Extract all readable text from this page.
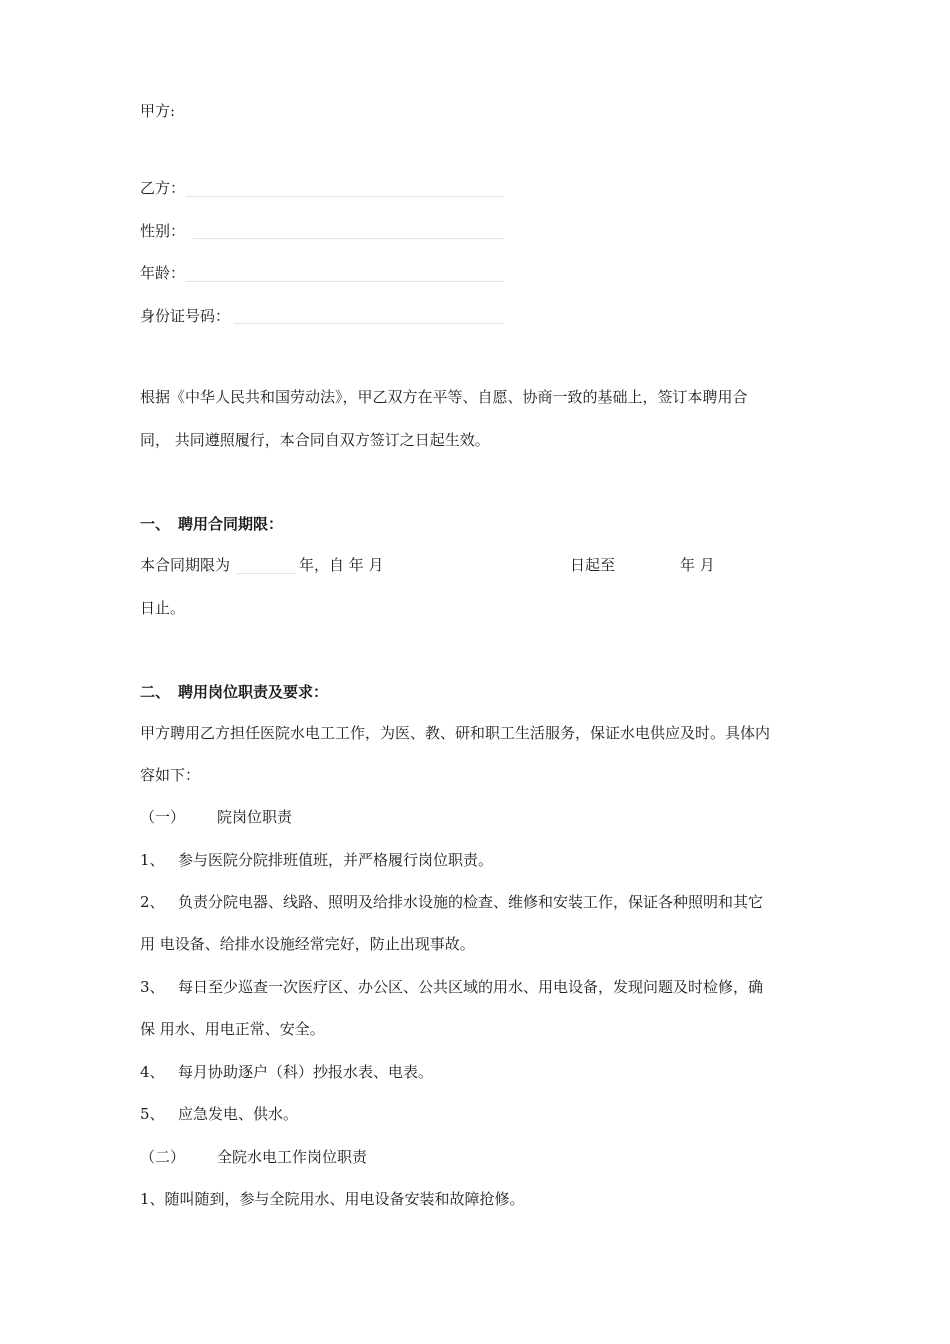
甲方:
乙方：
性别：
年龄：
身份证号码：
根据《中华人民共和国劳动法》，甲乙双方在平等、自愿、协商一致的基础上，签订本聘用合
同， 共同遵照履行，本合同自双方签订之日起生效。
一、 聘用合同期限：
本合同期限为	年，自 年 月	日起至	年 月
日止。
二、 聘用岗位职责及要求：
甲方聘用乙方担任医院水电工工作，为医、教、研和职工生活服务，保证水电供应及时。具体内
容如下：
（一） 院岗位职责
1、 参与医院分院排班值班，并严格履行岗位职责。
2、 负责分院电器、线路、照明及给排水设施的检查、维修和安装工作，保证各种照明和其它
用 电设备、给排水设施经常完好，防止出现事故。
3、 每日至少巡查一次医疗区、办公区、公共区域的用水、用电设备，发现问题及时检修，确
保 用水、用电正常、安全。
4、 每月协助逐户（科）抄报水表、电表。
5、 应急发电、供水。
（二） 全院水电工作岗位职责
1、随叫随到，参与全院用水、用电设备安装和故障抢修。
